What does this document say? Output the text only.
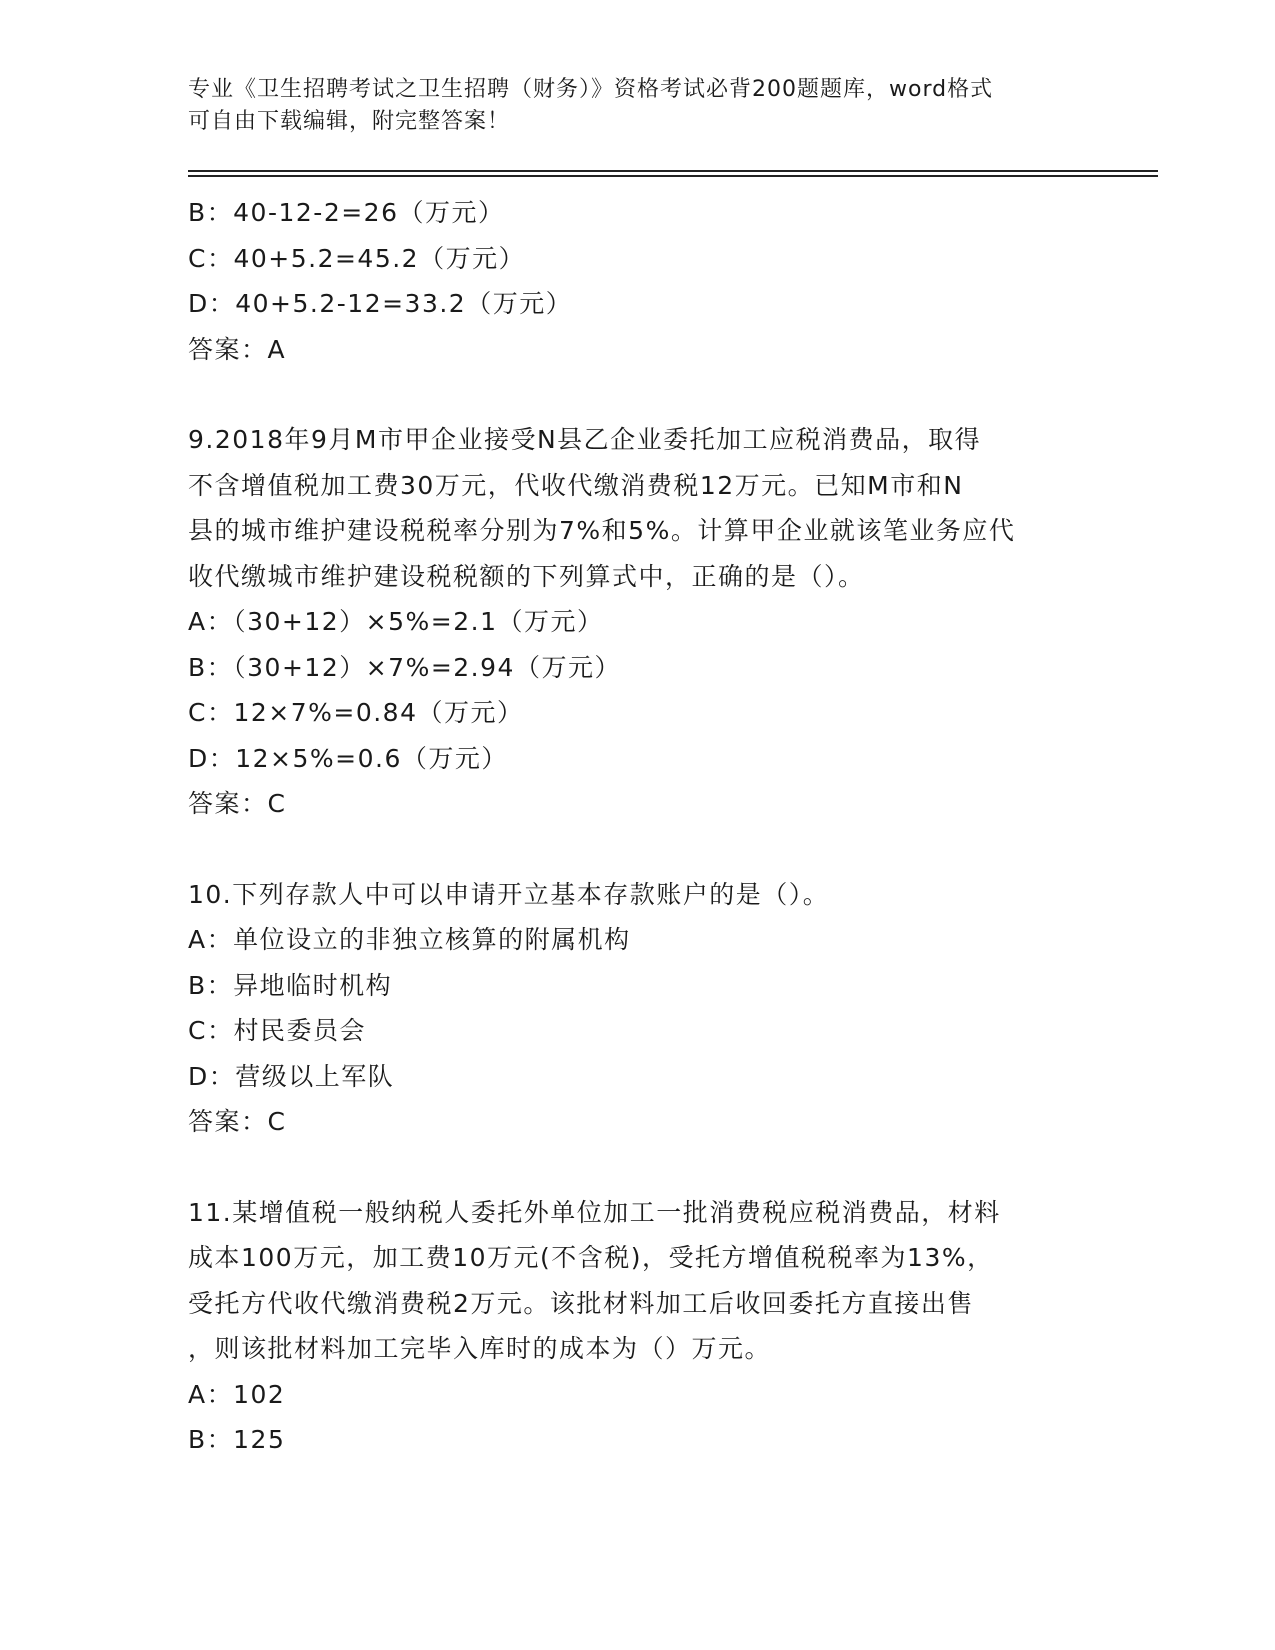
专业《卫生招聘考试之卫生招聘（财务）》资格考试必背200题题库，word格式
可自由下载编辑，附完整答案！
B：40-12-2=26（万元）
C：40+5.2=45.2（万元）
D：40+5.2-12=33.2（万元）
答案：A
9.2018年9月M市甲企业接受N县乙企业委托加工应税消费品，取得
不含增值税加工费30万元，代收代缴消费税12万元。已知M市和N
县的城市维护建设税税率分别为7%和5%。计算甲企业就该笔业务应代
收代缴城市维护建设税税额的下列算式中，正确的是（）。
A：（30+12）×5%=2.1（万元）
B：（30+12）×7%=2.94（万元）
C：12×7%=0.84（万元）
D：12×5%=0.6（万元）
答案：C
10.下列存款人中可以申请开立基本存款账户的是（）。
A：单位设立的非独立核算的附属机构
B：异地临时机构
C：村民委员会
D：营级以上军队
答案：C
11.某增值税一般纳税人委托外单位加工一批消费税应税消费品，材料
成本100万元，加工费10万元(不含税)，受托方增值税税率为13%，
受托方代收代缴消费税2万元。该批材料加工后收回委托方直接出售
，则该批材料加工完毕入库时的成本为（）万元。
A：102
B：125
